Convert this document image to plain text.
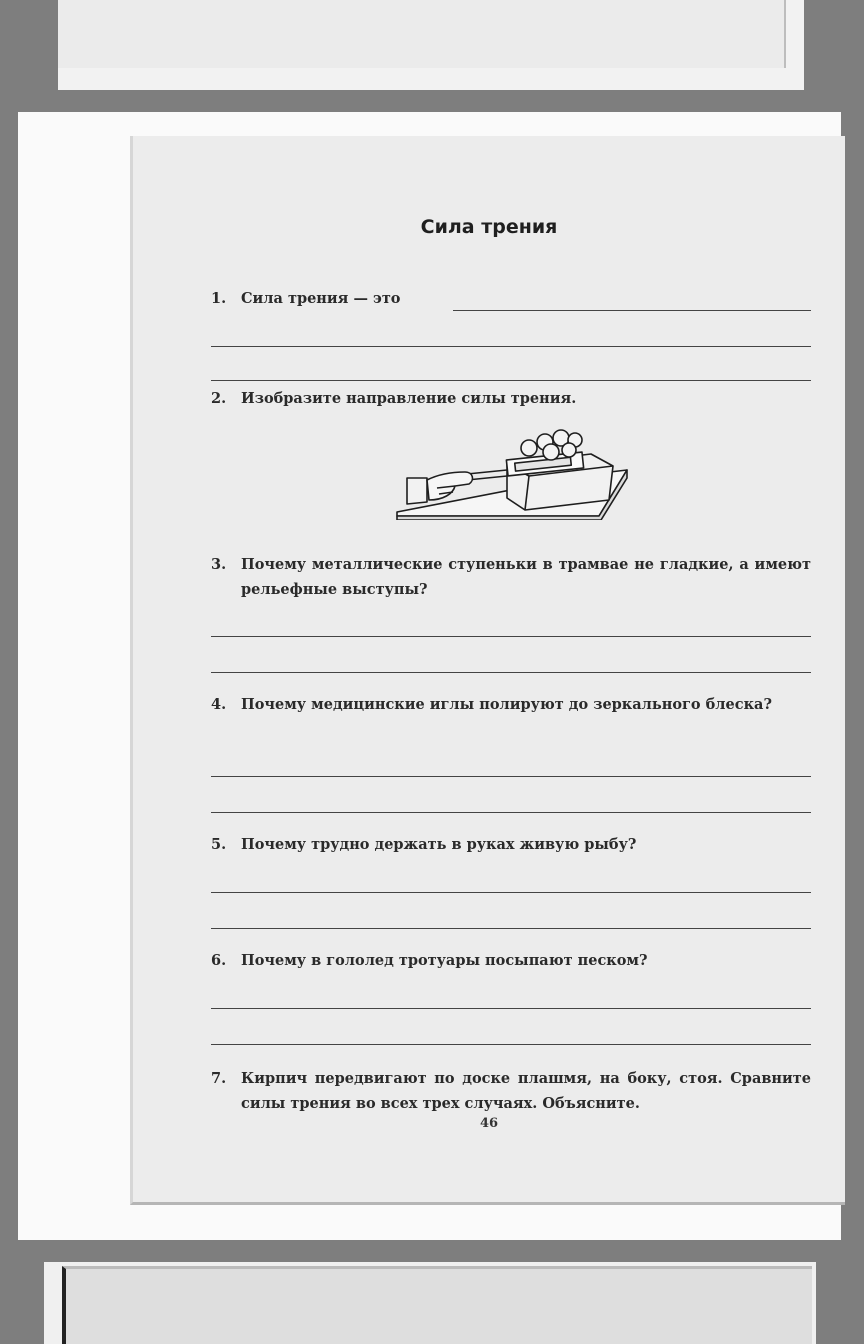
Сила трения
1. Сила трения — это
2. Изобразите направление силы трения.
3. Почему металлические ступеньки в трамвае не гладкие, а имеют рельефные выступы?
4. Почему медицинские иглы полируют до зеркального блеска?
5. Почему трудно держать в руках живую рыбу?
6. Почему в гололед тротуары посыпают песком?
7. Кирпич передвигают по доске плашмя, на боку, стоя. Сравните силы трения во всех трех случаях. Объясните.
46
